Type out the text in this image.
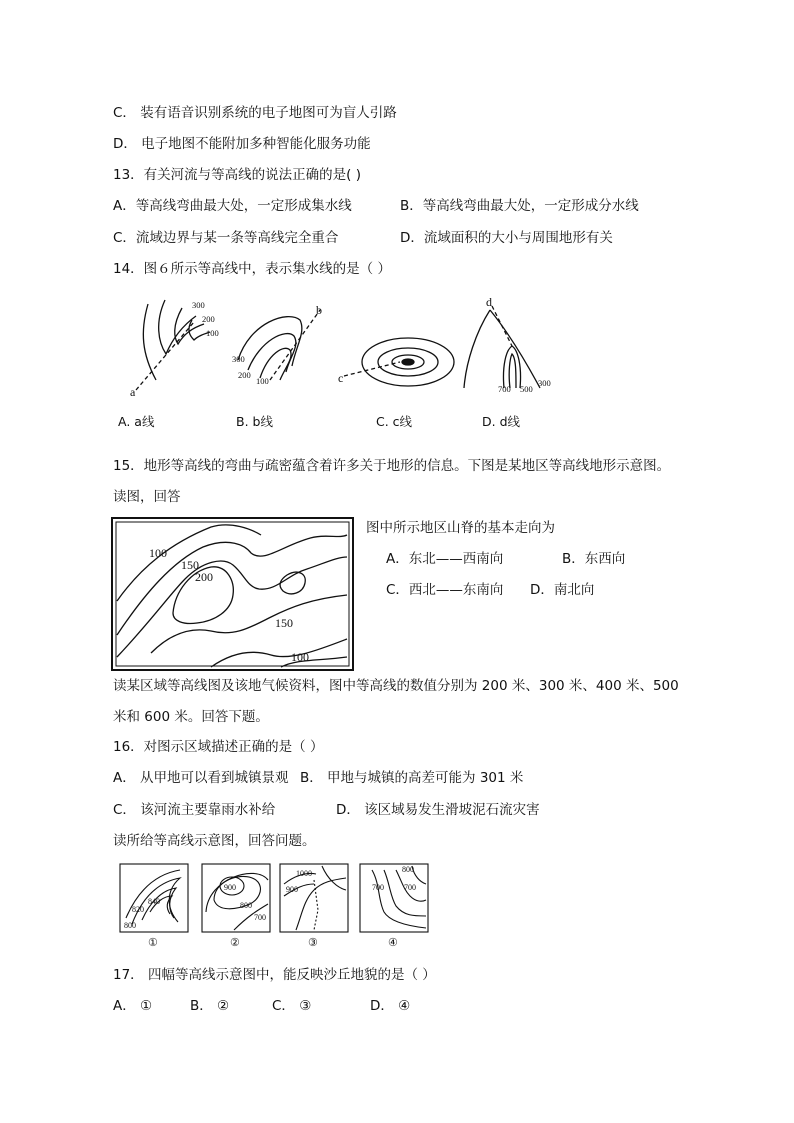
C． 装有语音识别系统的电子地图可为盲人引路
D． 电子地图不能附加多种智能化服务功能
13．有关河流与等高线的说法正确的是( )
A．等高线弯曲最大处，一定形成集水线	B．等高线弯曲最大处，一定形成分水线
C．流域边界与某一条等高线完全重合	D．流域面积的大小与周围地形有关
14．图６所示等高线中，表示集水线的是（ ）
300
200
100
300
200
100
700 500
300
a
b
c
d
A. a线	B. b线	C. c线	D. d线
15．地形等高线的弯曲与疏密蕴含着许多关于地形的信息。下图是某地区等高线地形示意图。
读图，回答
100
150
200
150
100
图中所示地区山脊的基本走向为
A．东北——西南向	B．东西向
C．西北——东南向 D．南北向
读某区域等高线图及该地气候资料，图中等高线的数值分别为 200 米、300 米、400 米、500
米和 600 米。回答下题。
16．对图示区域描述正确的是（ ）
A． 从甲地可以看到城镇景观 B． 甲地与城镇的高差可能为 301 米
C． 该河流主要靠雨水补给	D． 该区域易发生滑坡泥石流灾害
读所给等高线示意图，回答问题。
840
820
800
900
800
700
1000
900
800
700
700
①	②	③	④
17． 四幅等高线示意图中，能反映沙丘地貌的是（ ）
A． ①	B． ②	C． ③	D． ④
